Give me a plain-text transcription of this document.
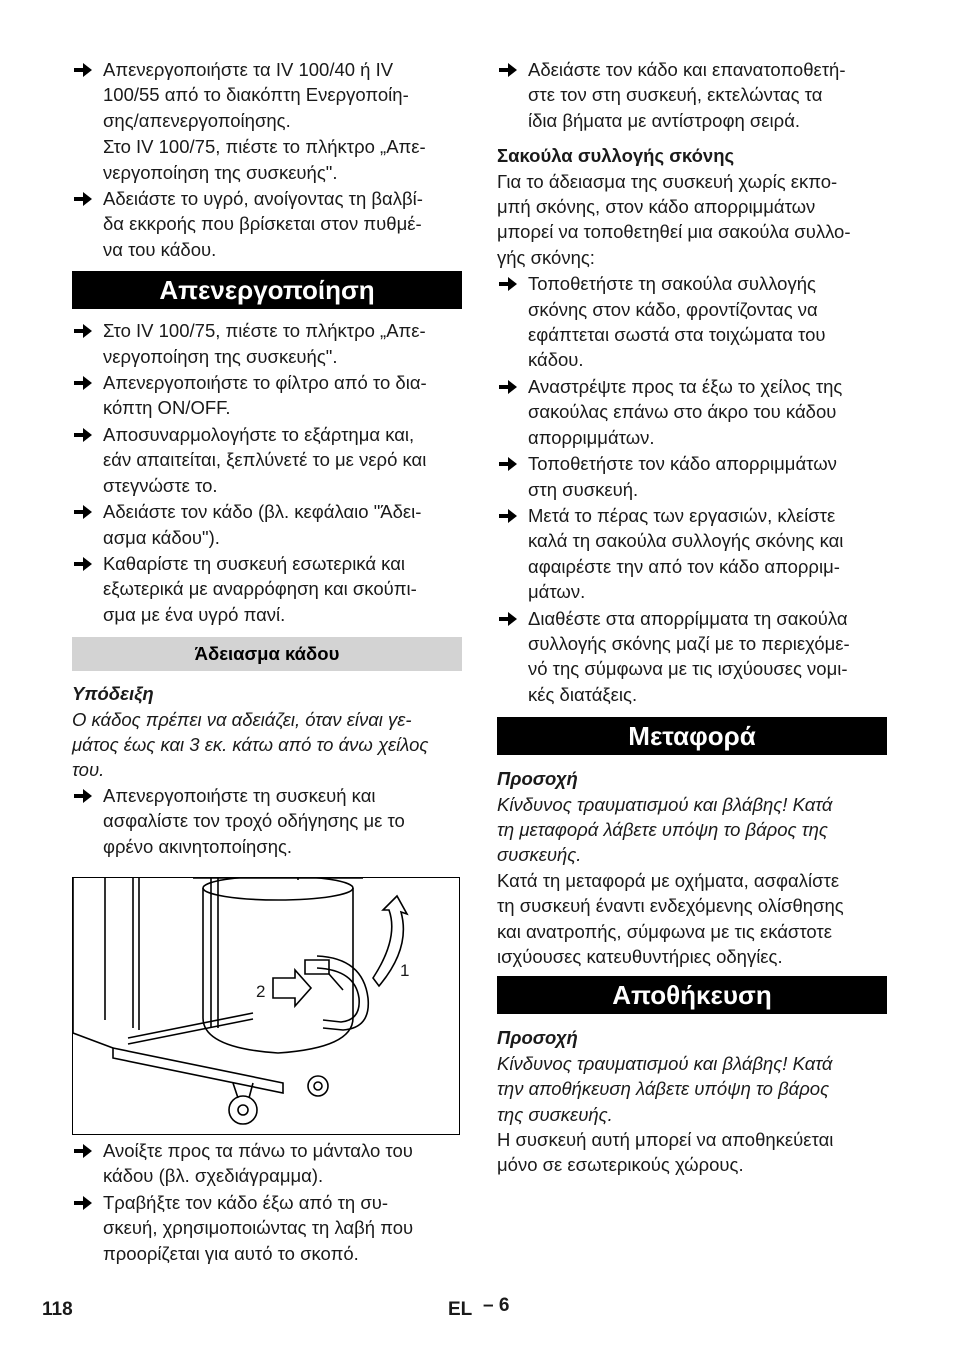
Απενεργοποιήστε τα IV 100/40 ή IV
100/55 από το διακόπτη Ενεργοποίη-
σης/απενεργοποίησης.
Στο IV 100/75, πιέστε το πλήκτρο „Απε-
νεργοποίηση της συσκευής".
Αδειάστε το υγρό, ανοίγοντας τη βαλβί-
δα εκκροής που βρίσκεται στον πυθμέ-
να του κάδου.
Απενεργοποίηση
Στο IV 100/75, πιέστε το πλήκτρο „Απε-
νεργοποίηση της συσκευής".
Απενεργοποιήστε το φίλτρο από το δια-
κόπτη ON/OFF.
Αποσυναρμολογήστε το εξάρτημα και,
εάν απαιτείται, ξεπλύνετέ το με νερό και
στεγνώστε το.
Αδειάστε τον κάδο (βλ. κεφάλαιο "Άδει-
ασμα κάδου").
Καθαρίστε τη συσκευή εσωτερικά και
εξωτερικά με αναρρόφηση και σκούπι-
σμα με ένα υγρό πανί.
Άδειασμα κάδου
Υπόδειξη
Ο κάδος πρέπει να αδειάζει, όταν είναι γε-
μάτος έως και 3 εκ. κάτω από το άνω χείλος
του.
Απενεργοποιήστε τη συσκευή και
ασφαλίστε τον τροχό οδήγησης με το
φρένο ακινητοποίησης.
1
2
Ανοίξτε προς τα πάνω το μάνταλο του
κάδου (βλ. σχεδιάγραμμα).
Τραβήξτε τον κάδο έξω από τη συ-
σκευή, χρησιμοποιώντας τη λαβή που
προορίζεται για αυτό το σκοπό.
Αδειάστε τον κάδο και επανατοποθετή-
στε τον στη συσκευή, εκτελώντας τα
ίδια βήματα με αντίστροφη σειρά.
Σακούλα συλλογής σκόνης
Για το άδειασμα της συσκευή χωρίς εκπο-
μπή σκόνης, στον κάδο απορριμμάτων
μπορεί να τοποθετηθεί μια σακούλα συλλο-
γής σκόνης:
Τοποθετήστε τη σακούλα συλλογής
σκόνης στον κάδο, φροντίζοντας να
εφάπτεται σωστά στα τοιχώματα του
κάδου.
Αναστρέψτε προς τα έξω το χείλος της
σακούλας επάνω στο άκρο του κάδου
απορριμμάτων.
Τοποθετήστε τον κάδο απορριμμάτων
στη συσκευή.
Μετά το πέρας των εργασιών, κλείστε
καλά τη σακούλα συλλογής σκόνης και
αφαιρέστε την από τον κάδο απορριμ-
μάτων.
Διαθέστε στα απορρίμματα τη σακούλα
συλλογής σκόνης μαζί με το περιεχόμε-
νό της σύμφωνα με τις ισχύουσες νομι-
κές διατάξεις.
Μεταφορά
Προσοχή
Κίνδυνος τραυματισμού και βλάβης! Κατά
τη μεταφορά λάβετε υπόψη το βάρος της
συσκευής.
Κατά τη μεταφορά με οχήματα, ασφαλίστε
τη συσκευή έναντι ενδεχόμενης ολίσθησης
και ανατροπής, σύμφωνα με τις εκάστοτε
ισχύουσες κατευθυντήριες οδηγίες.
Αποθήκευση
Προσοχή
Κίνδυνος τραυματισμού και βλάβης! Κατά
την αποθήκευση λάβετε υπόψη το βάρος
της συσκευής.
Η συσκευή αυτή μπορεί να αποθηκεύεται
μόνο σε εσωτερικούς χώρους.
118	EL – 6
